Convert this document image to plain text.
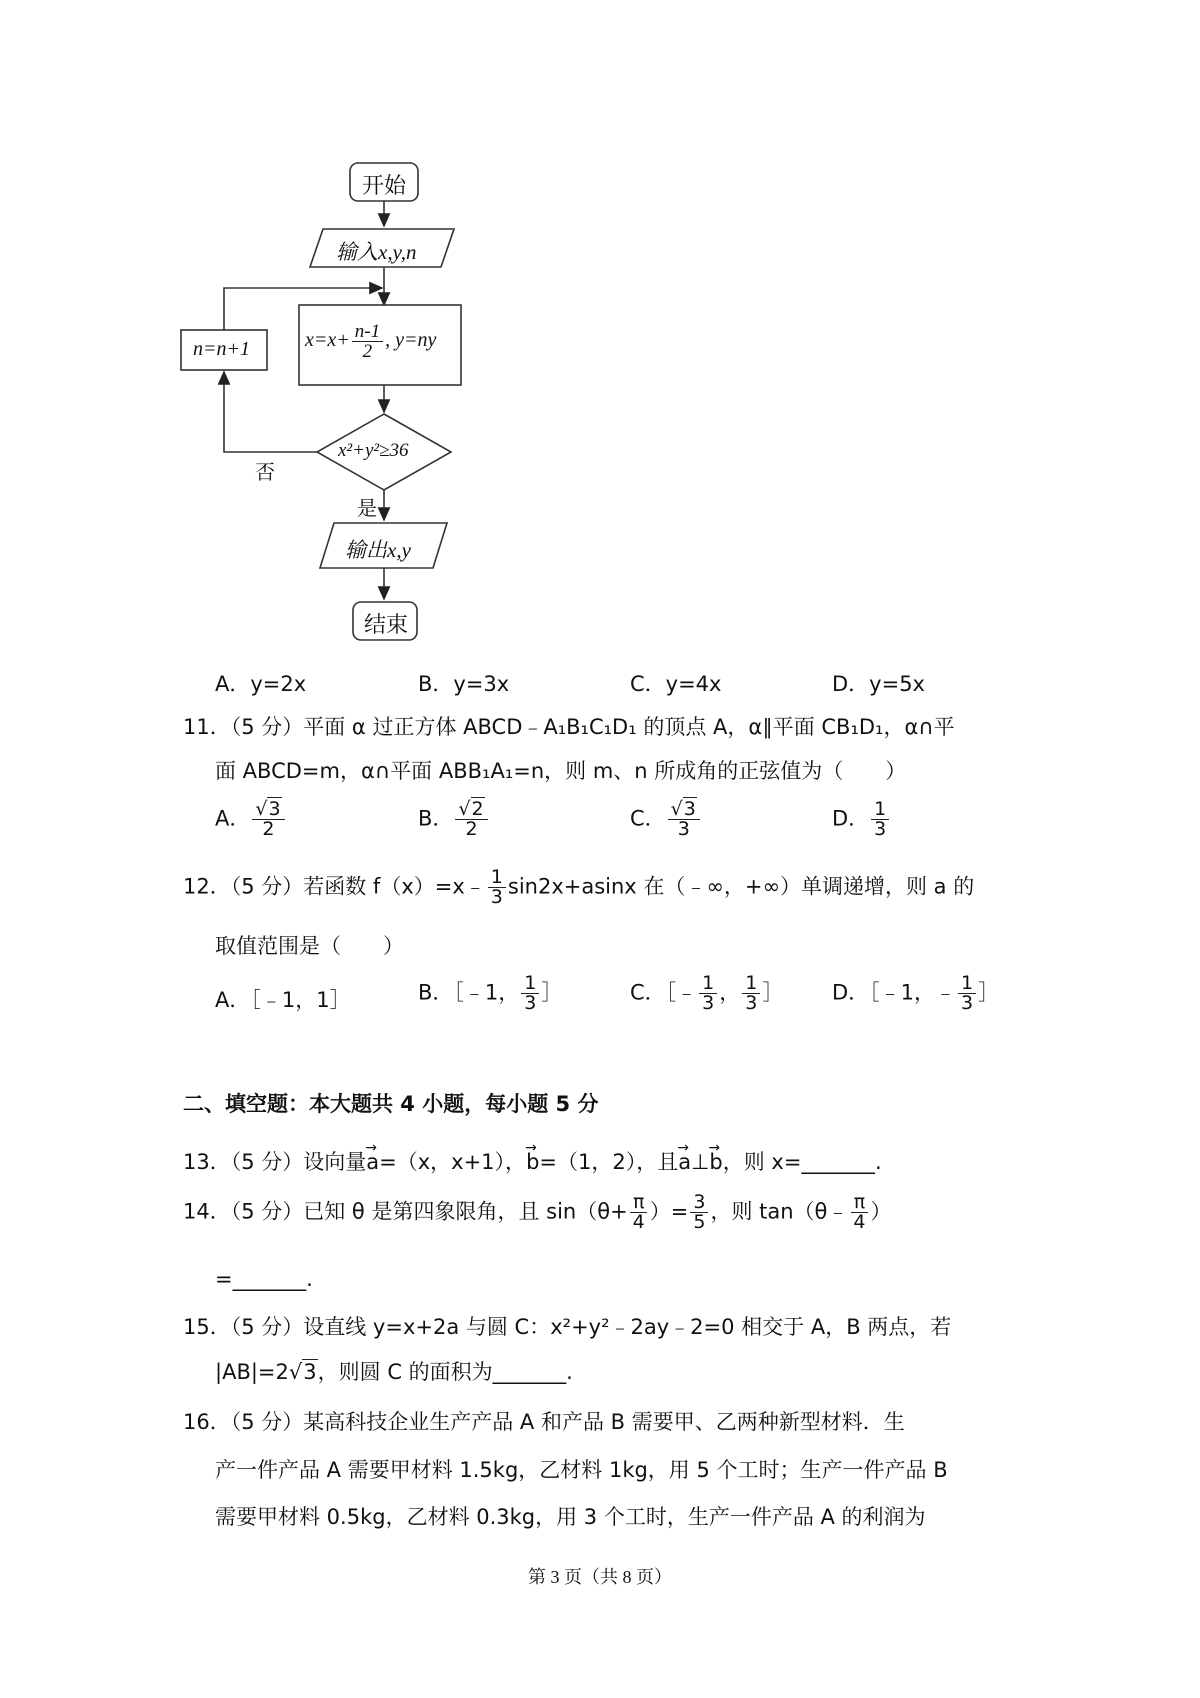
开始
输入x,y,n
$x=x+ \frac{n-1}{2}$ , y=ny
n=n+1
x²+y²≥36
否
是
输出x,y
结束
A．y=2x	B．y=3x	C．y=4x	D．y=5x
11．（5 分）平面 α 过正方体 ABCD﹣A₁B₁C₁D₁ 的顶点 A，α∥平面 CB₁D₁，α∩平
面 ABCD=m，α∩平面 ABB₁A₁=n，则 m、n 所成角的正弦值为（　　）
A． $\frac{√3}{2}$	B． $\frac{√2}{2}$	C． $\frac{√3}{3}$	D． $\frac{1}{3}$
12．（5 分）若函数 f（x）=x﹣ $\frac{1}{3} \sin 2x+asinx$ 在（﹣∞，+∞）单调递增，则 a 的
取值范围是（　　）
A．［﹣1，1］	B．［﹣1， $\frac{1}{3}$ ］	C．［﹣ $\frac{1}{3}$ ， $\frac{1}{3}$ ］ D．［﹣1，﹣ $\frac{1}{3}$ ］
二、填空题：本大题共 4 小题，每小题 5 分
13．（5 分）设向量→ a=（x，x+1），→ b=（1，2），且→ a⊥→ b，则 x=_______.
14．（5 分）已知 θ 是第四象限角，且 $\sin(\theta+ \frac{\pi}{4}$ ）= $\frac{3}{5}$ ，则 tan（θ﹣ $\frac{\pi}{4}$ ）
=_______.
15．（5 分）设直线 y=x+2a 与圆 C：x²+y²﹣2ay﹣2=0 相交于 A，B 两点，若
|AB|=2√3，则圆 C 的面积为_______.
16．（5 分）某高科技企业生产产品 A 和产品 B 需要甲、乙两种新型材料．生
产一件产品 A 需要甲材料 1.5kg，乙材料 1kg，用 5 个工时；生产一件产品 B
需要甲材料 0.5kg，乙材料 0.3kg，用 3 个工时，生产一件产品 A 的利润为
第 3 页（共 8 页）
